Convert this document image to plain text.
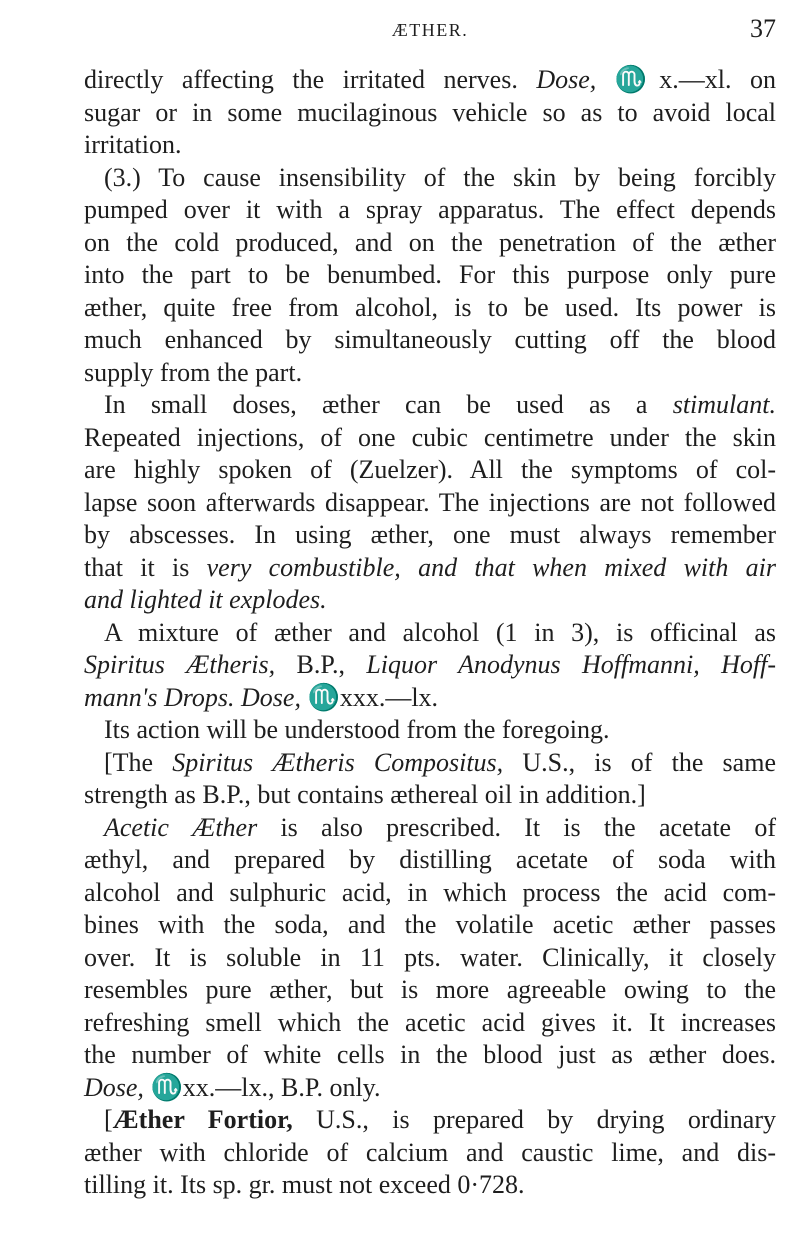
ÆTHER.	37
directly affecting the irritated nerves. Dose, ♏x.—xl. on
sugar or in some mucilaginous vehicle so as to avoid local
irritation.
(3.) To cause insensibility of the skin by being forcibly
pumped over it with a spray apparatus. The effect depends
on the cold produced, and on the penetration of the æther
into the part to be benumbed. For this purpose only pure
æther, quite free from alcohol, is to be used. Its power is
much enhanced by simultaneously cutting off the blood
supply from the part.
In small doses, æther can be used as a stimulant.
Repeated injections, of one cubic centimetre under the skin
are highly spoken of (Zuelzer). All the symptoms of col-
lapse soon afterwards disappear. The injections are not followed
by abscesses. In using æther, one must always remember
that it is very combustible, and that when mixed with air
and lighted it explodes.
A mixture of æther and alcohol (1 in 3), is officinal as
Spiritus Ætheris, B.P., Liquor Anodynus Hoffmanni, Hoff-
mann's Drops. Dose, ♏xxx.—lx.
Its action will be understood from the foregoing.
[The Spiritus Ætheris Compositus, U.S., is of the same
strength as B.P., but contains æthereal oil in addition.]
Acetic Æther is also prescribed. It is the acetate of
æthyl, and prepared by distilling acetate of soda with
alcohol and sulphuric acid, in which process the acid com-
bines with the soda, and the volatile acetic æther passes
over. It is soluble in 11 pts. water. Clinically, it closely
resembles pure æther, but is more agreeable owing to the
refreshing smell which the acetic acid gives it. It increases
the number of white cells in the blood just as æther does.
Dose, ♏xx.—lx., B.P. only.
[Æther Fortior, U.S., is prepared by drying ordinary
æther with chloride of calcium and caustic lime, and dis-
tilling it. Its sp. gr. must not exceed 0·728.
